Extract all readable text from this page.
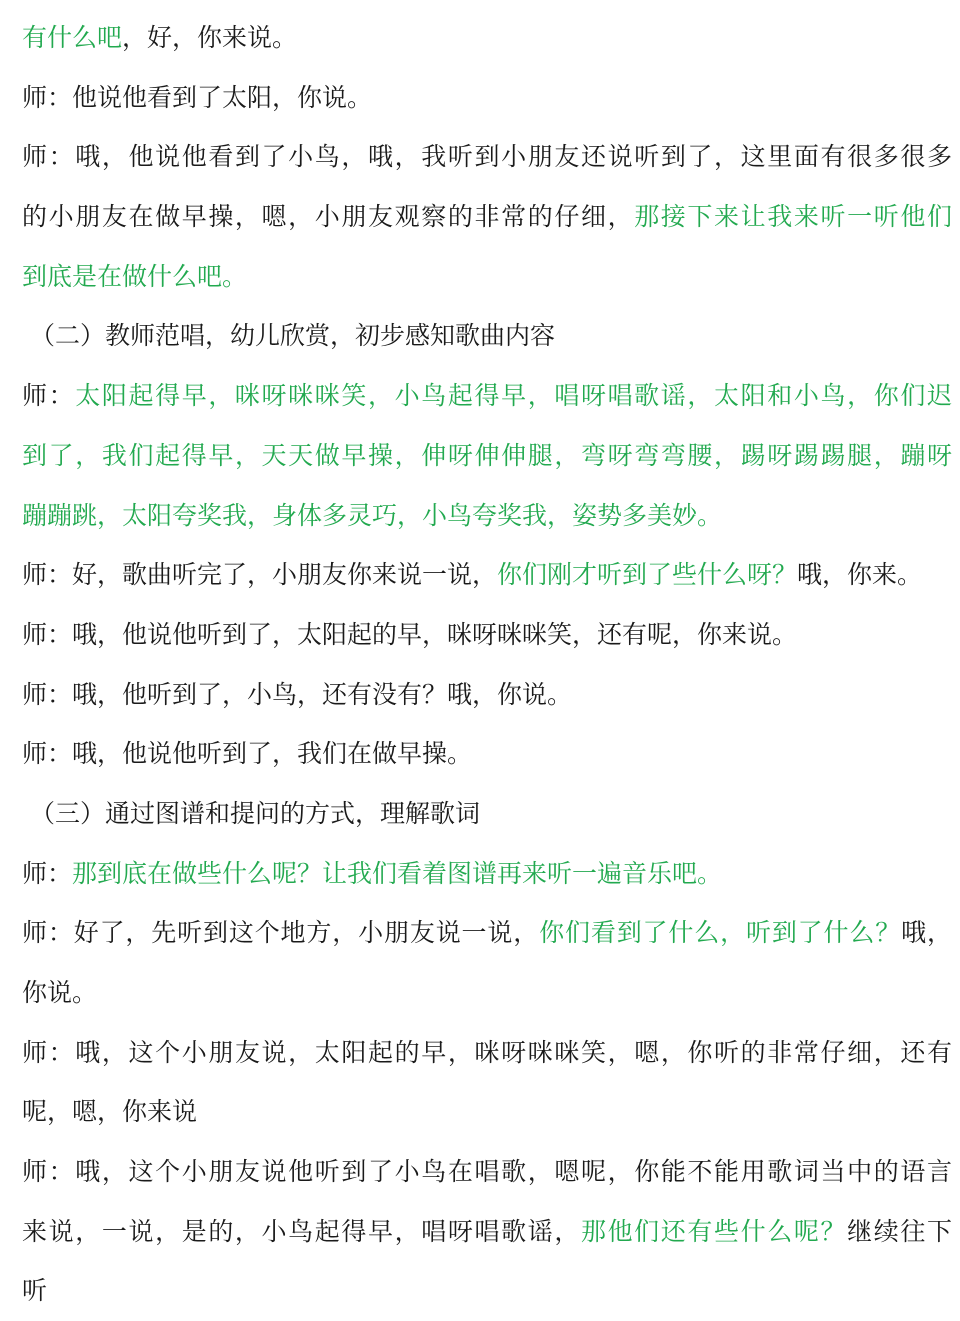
有什么吧，好，你来说。
师：他说他看到了太阳，你说。
师：哦，他说他看到了小鸟，哦，我听到小朋友还说听到了，这里面有很多很多
的小朋友在做早操，嗯，小朋友观察的非常的仔细，那接下来让我来听一听他们
到底是在做什么吧。
（二）教师范唱，幼儿欣赏，初步感知歌曲内容
师：太阳起得早，咪呀咪咪笑，小鸟起得早，唱呀唱歌谣，太阳和小鸟，你们迟
到了，我们起得早，天天做早操，伸呀伸伸腿，弯呀弯弯腰，踢呀踢踢腿，蹦呀
蹦蹦跳，太阳夸奖我，身体多灵巧，小鸟夸奖我，姿势多美妙。
师：好，歌曲听完了，小朋友你来说一说，你们刚才听到了些什么呀？哦，你来。
师：哦，他说他听到了，太阳起的早，咪呀咪咪笑，还有呢，你来说。
师：哦，他听到了，小鸟，还有没有？哦，你说。
师：哦，他说他听到了，我们在做早操。
（三）通过图谱和提问的方式，理解歌词
师：那到底在做些什么呢？让我们看着图谱再来听一遍音乐吧。
师：好了，先听到这个地方，小朋友说一说，你们看到了什么，听到了什么？哦，
你说。
师：哦，这个小朋友说，太阳起的早，咪呀咪咪笑，嗯，你听的非常仔细，还有
呢，嗯，你来说
师：哦，这个小朋友说他听到了小鸟在唱歌，嗯呢，你能不能用歌词当中的语言
来说，一说，是的，小鸟起得早，唱呀唱歌谣，那他们还有些什么呢？继续往下
听
